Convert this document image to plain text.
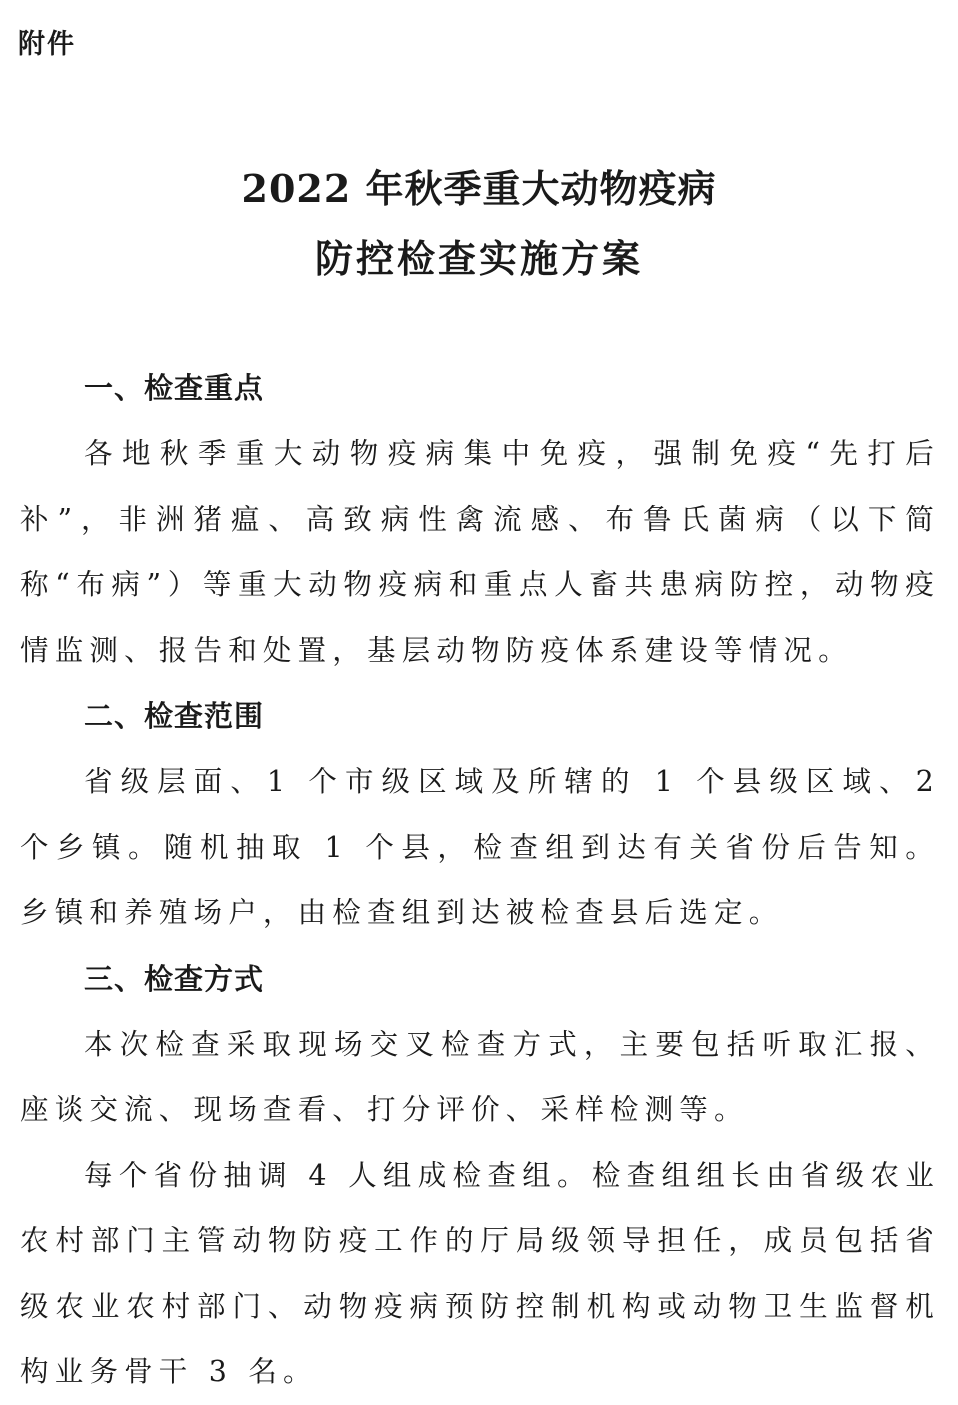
附件
2022 年秋季重大动物疫病
防控检查实施方案
一、检查重点

各地秋季重大动物疫病集中免疫，强制免疫“先打后补”，非洲猪瘟、高致病性禽流感、布鲁氏菌病（以下简称“布病”）等重大动物疫病和重点人畜共患病防控，动物疫情监测、报告和处置，基层动物防疫体系建设等情况。

二、检查范围

省级层面、1 个市级区域及所辖的 1 个县级区域、2 个乡镇。随机抽取 1 个县，检查组到达有关省份后告知。乡镇和养殖场户，由检查组到达被检查县后选定。

三、检查方式

本次检查采取现场交叉检查方式，主要包括听取汇报、座谈交流、现场查看、打分评价、采样检测等。

每个省份抽调 4 人组成检查组。检查组组长由省级农业农村部门主管动物防疫工作的厅局级领导担任，成员包括省级农业农村部门、动物疫病预防控制机构或动物卫生监督机构业务骨干 3 名。
